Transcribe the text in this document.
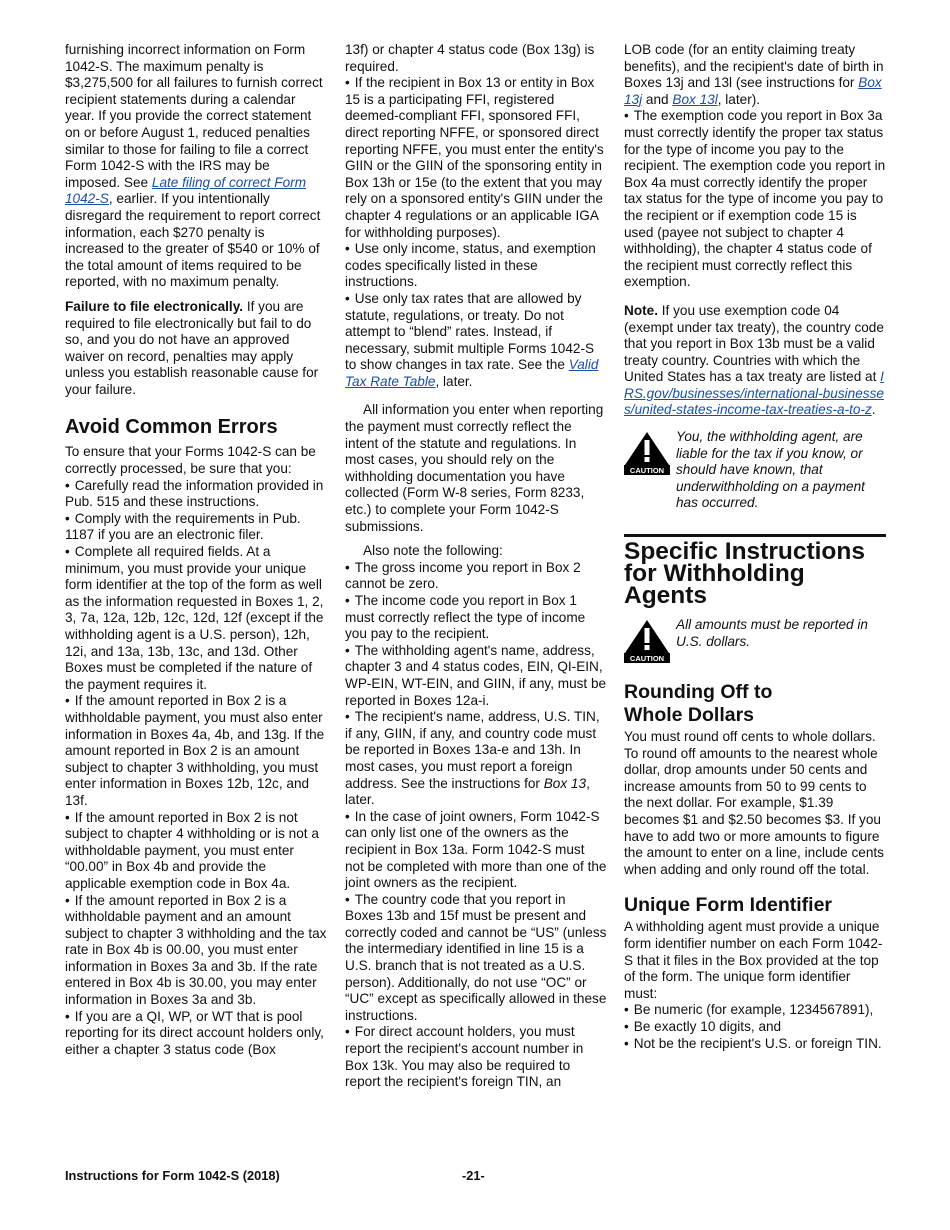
furnishing incorrect information on Form 1042-S. The maximum penalty is $3,275,500 for all failures to furnish correct recipient statements during a calendar year. If you provide the correct statement on or before August 1, reduced penalties similar to those for failing to file a correct Form 1042-S with the IRS may be imposed. See Late filing of correct Form 1042-S, earlier. If you intentionally disregard the requirement to report correct information, each $270 penalty is increased to the greater of $540 or 10% of the total amount of items required to be reported, with no maximum penalty.

Failure to file electronically. If you are required to file electronically but fail to do so, and you do not have an approved waiver on record, penalties may apply unless you establish reasonable cause for your failure.

Avoid Common Errors

To ensure that your Forms 1042-S can be correctly processed, be sure that you:

• Carefully read the information provided in Pub. 515 and these instructions.
• Comply with the requirements in Pub. 1187 if you are an electronic filer.
• Complete all required fields. At a minimum, you must provide your unique form identifier at the top of the form as well as the information requested in Boxes 1, 2, 3, 7a, 12a, 12b, 12c, 12d, 12f (except if the withholding agent is a U.S. person), 12h, 12i, and 13a, 13b, 13c, and 13d. Other Boxes must be completed if the nature of the payment requires it.
• If the amount reported in Box 2 is a withholdable payment, you must also enter information in Boxes 4a, 4b, and 13g. If the amount reported in Box 2 is an amount subject to chapter 3 withholding, you must enter information in Boxes 12b, 12c, and 13f.
• If the amount reported in Box 2 is not subject to chapter 4 withholding or is not a withholdable payment, you must enter “00.00” in Box 4b and provide the applicable exemption code in Box 4a.
• If the amount reported in Box 2 is a withholdable payment and an amount subject to chapter 3 withholding and the tax rate in Box 4b is 00.00, you must enter information in Boxes 3a and 3b. If the rate entered in Box 4b is 30.00, you may enter information in Boxes 3a and 3b.
• If you are a QI, WP, or WT that is pool reporting for its direct account holders only, either a chapter 3 status code (Box

13f) or chapter 4 status code (Box 13g) is required.

• If the recipient in Box 13 or entity in Box 15 is a participating FFI, registered deemed-compliant FFI, sponsored FFI, direct reporting NFFE, or sponsored direct reporting NFFE, you must enter the entity's GIIN or the GIIN of the sponsoring entity in Box 13h or 15e (to the extent that you may rely on a sponsored entity's GIIN under the chapter 4 regulations or an applicable IGA for withholding purposes).
• Use only income, status, and exemption codes specifically listed in these instructions.
• Use only tax rates that are allowed by statute, regulations, or treaty. Do not attempt to “blend” rates. Instead, if necessary, submit multiple Forms 1042-S to show changes in tax rate. See the Valid Tax Rate Table, later.

All information you enter when reporting the payment must correctly reflect the intent of the statute and regulations. In most cases, you should rely on the withholding documentation you have collected (Form W-8 series, Form 8233, etc.) to complete your Form 1042-S submissions.

Also note the following:

• The gross income you report in Box 2 cannot be zero.
• The income code you report in Box 1 must correctly reflect the type of income you pay to the recipient.
• The withholding agent's name, address, chapter 3 and 4 status codes, EIN, QI-EIN, WP-EIN, WT-EIN, and GIIN, if any, must be reported in Boxes 12a-i.
• The recipient's name, address, U.S. TIN, if any, GIIN, if any, and country code must be reported in Boxes 13a-e and 13h. In most cases, you must report a foreign address. See the instructions for Box 13, later.
• In the case of joint owners, Form 1042-S can only list one of the owners as the recipient in Box 13a. Form 1042-S must not be completed with more than one of the joint owners as the recipient.
• The country code that you report in Boxes 13b and 15f must be present and correctly coded and cannot be “US” (unless the intermediary identified in line 15 is a U.S. branch that is not treated as a U.S. person). Additionally, do not use “OC” or “UC” except as specifically allowed in these instructions.
• For direct account holders, you must report the recipient's account number in Box 13k. You may also be required to report the recipient's foreign TIN, an

LOB code (for an entity claiming treaty benefits), and the recipient's date of birth in Boxes 13j and 13l (see instructions for Box 13j and Box 13l, later).

• The exemption code you report in Box 3a must correctly identify the proper tax status for the type of income you pay to the recipient. The exemption code you report in Box 4a must correctly identify the proper tax status for the type of income you pay to the recipient or if exemption code 15 is used (payee not subject to chapter 4 withholding), the chapter 4 status code of the recipient must correctly reflect this exemption.

Note. If you use exemption code 04 (exempt under tax treaty), the country code that you report in Box 13b must be a valid treaty country. Countries with which the United States has a tax treaty are listed at IRS.gov/businesses/international-businesses/united-states-income-tax-treaties-a-to-z.

CAUTION
You, the withholding agent, are liable for the tax if you know, or should have known, that underwithholding on a payment has occurred.
Specific Instructions for Withholding Agents
CAUTION
All amounts must be reported in U.S. dollars.
Rounding Off to Whole Dollars

You must round off cents to whole dollars. To round off amounts to the nearest whole dollar, drop amounts under 50 cents and increase amounts from 50 to 99 cents to the next dollar. For example, $1.39 becomes $1 and $2.50 becomes $3. If you have to add two or more amounts to figure the amount to enter on a line, include cents when adding and only round off the total.

Unique Form Identifier

A withholding agent must provide a unique form identifier number on each Form 1042-S that it files in the Box provided at the top of the form. The unique form identifier must:

• Be numeric (for example, 1234567891),
• Be exactly 10 digits, and
• Not be the recipient's U.S. or foreign TIN.
Instructions for Form 1042-S (2018)	-21-
